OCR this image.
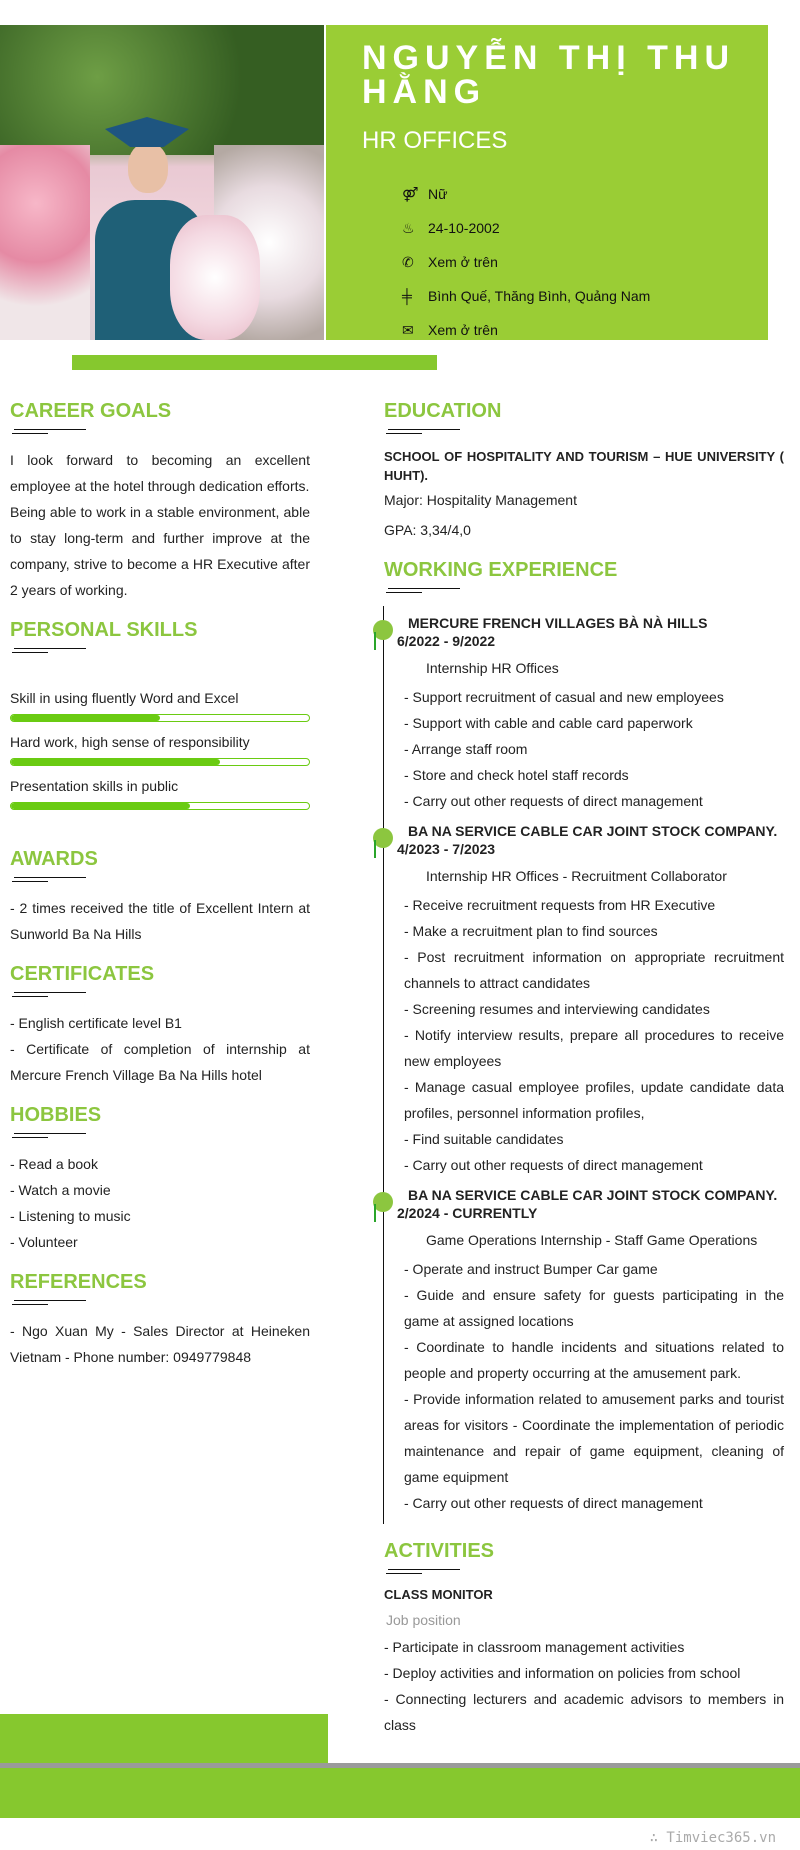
NGUYỄN THỊ THU HẰNG
HR OFFICES
⚤ Nữ
♨ 24-10-2002
✆	Xem ở trên
╪	Bình Quế, Thăng Bình, Quảng Nam
✉	Xem ở trên
CAREER GOALS

I look forward to becoming an excellent employee at the hotel through dedication efforts.

Being able to work in a stable environment, able to stay long-term and further improve at the company, strive to become a HR Executive after 2 years of working.

PERSONAL SKILLS
Skill in using fluently Word and Excel
Hard work, high sense of responsibility
Presentation skills in public
AWARDS

- 2 times received the title of Excellent Intern at Sunworld Ba Na Hills

CERTIFICATES

- English certificate level B1

- Certificate of completion of internship at Mercure French Village Ba Na Hills hotel

HOBBIES

- Read a book

- Watch a movie

- Listening to music

- Volunteer

REFERENCES

- Ngo Xuan My - Sales Director at Heineken Vietnam - Phone number: 0949779848

EDUCATION
SCHOOL OF HOSPITALITY AND TOURISM – HUE UNIVERSITY ( HUHT).

Major: Hospitality Management

GPA: 3,34/4,0

WORKING EXPERIENCE
MERCURE FRENCH VILLAGES BÀ NÀ HILLS
6/2022 - 9/2022
Internship HR Offices
- Support recruitment of casual and new employees
- Support with cable and cable card paperwork
- Arrange staff room
- Store and check hotel staff records
- Carry out other requests of direct management
BA NA SERVICE CABLE CAR JOINT STOCK COMPANY.
4/2023 - 7/2023
Internship HR Offices - Recruitment Collaborator
- Receive recruitment requests from HR Executive
- Make a recruitment plan to find sources
- Post recruitment information on appropriate recruitment channels to attract candidates
- Screening resumes and interviewing candidates
- Notify interview results, prepare all procedures to receive new employees
- Manage casual employee profiles, update candidate data profiles, personnel information profiles,
- Find suitable candidates
- Carry out other requests of direct management
BA NA SERVICE CABLE CAR JOINT STOCK COMPANY.
2/2024 - CURRENTLY
Game Operations Internship - Staff Game Operations
- Operate and instruct Bumper Car game
- Guide and ensure safety for guests participating in the game at assigned locations
- Coordinate to handle incidents and situations related to people and property occurring at the amusement park.
- Provide information related to amusement parks and tourist areas for visitors - Coordinate the implementation of periodic maintenance and repair of game equipment, cleaning of game equipment
- Carry out other requests of direct management
ACTIVITIES
CLASS MONITOR
Job position

- Participate in classroom management activities

- Deploy activities and information on policies from school

- Connecting lecturers and academic advisors to members in class

∴ Timviec365.vn
